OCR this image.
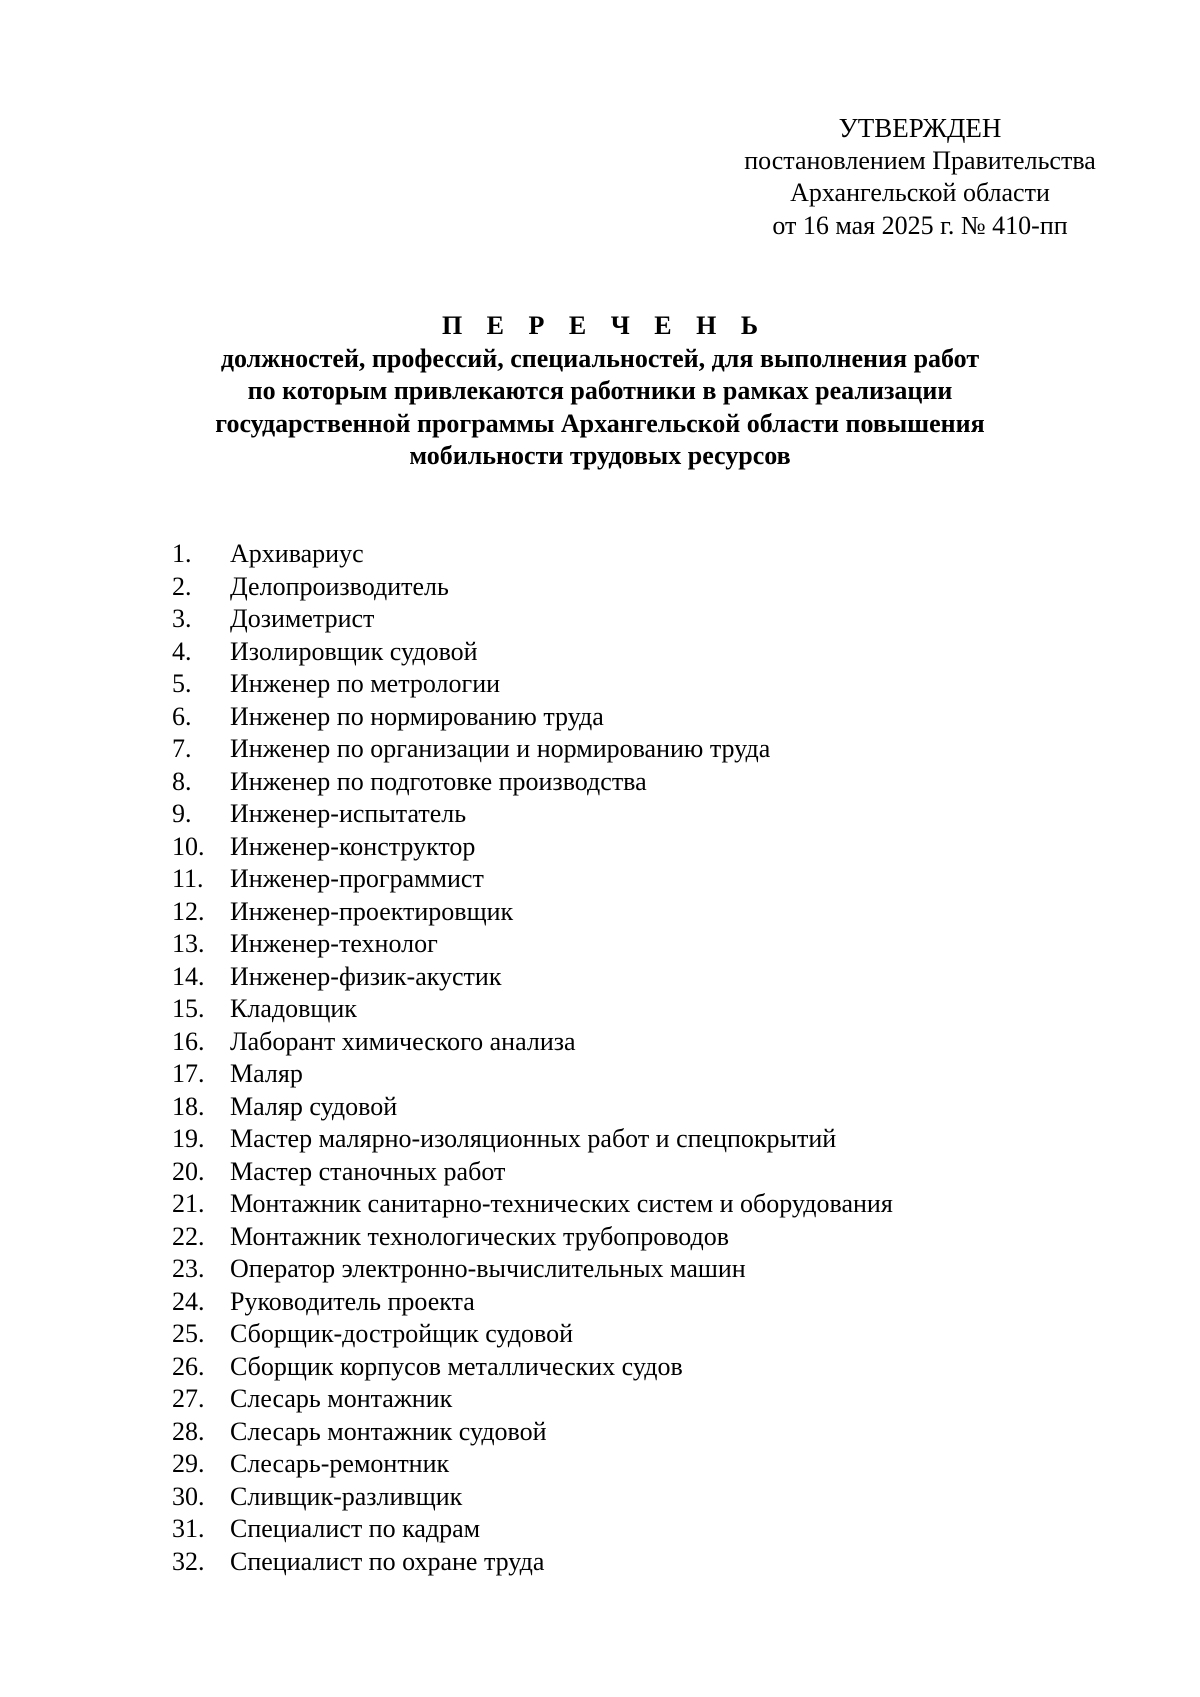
УТВЕРЖДЕН
постановлением Правительства
Архангельской области
от 16 мая 2025 г. № 410-пп
П Е Р Е Ч Е Н Ь
должностей, профессий, специальностей, для выполнения работ
по которым привлекаются работники в рамках реализации
государственной программы Архангельской области повышения
мобильности трудовых ресурсов
1.	Архивариус
2.	Делопроизводитель
3.	Дозиметрист
4.	Изолировщик судовой
5.	Инженер по метрологии
6.	Инженер по нормированию труда
7.	Инженер по организации и нормированию труда
8.	Инженер по подготовке производства
9.	Инженер-испытатель
10. Инженер-конструктор
11.	Инженер-программист
12. Инженер-проектировщик
13. Инженер-технолог
14. Инженер-физик-акустик
15. Кладовщик
16. Лаборант химического анализа
17. Маляр
18. Маляр судовой
19. Мастер малярно-изоляционных работ и спецпокрытий
20. Мастер станочных работ
21. Монтажник санитарно-технических систем и оборудования
22. Монтажник технологических трубопроводов
23. Оператор электронно-вычислительных машин
24. Руководитель проекта
25. Сборщик-достройщик судовой
26. Сборщик корпусов металлических судов
27. Слесарь монтажник
28. Слесарь монтажник судовой
29. Слесарь-ремонтник
30. Сливщик-разливщик
31. Специалист по кадрам
32. Специалист по охране труда
